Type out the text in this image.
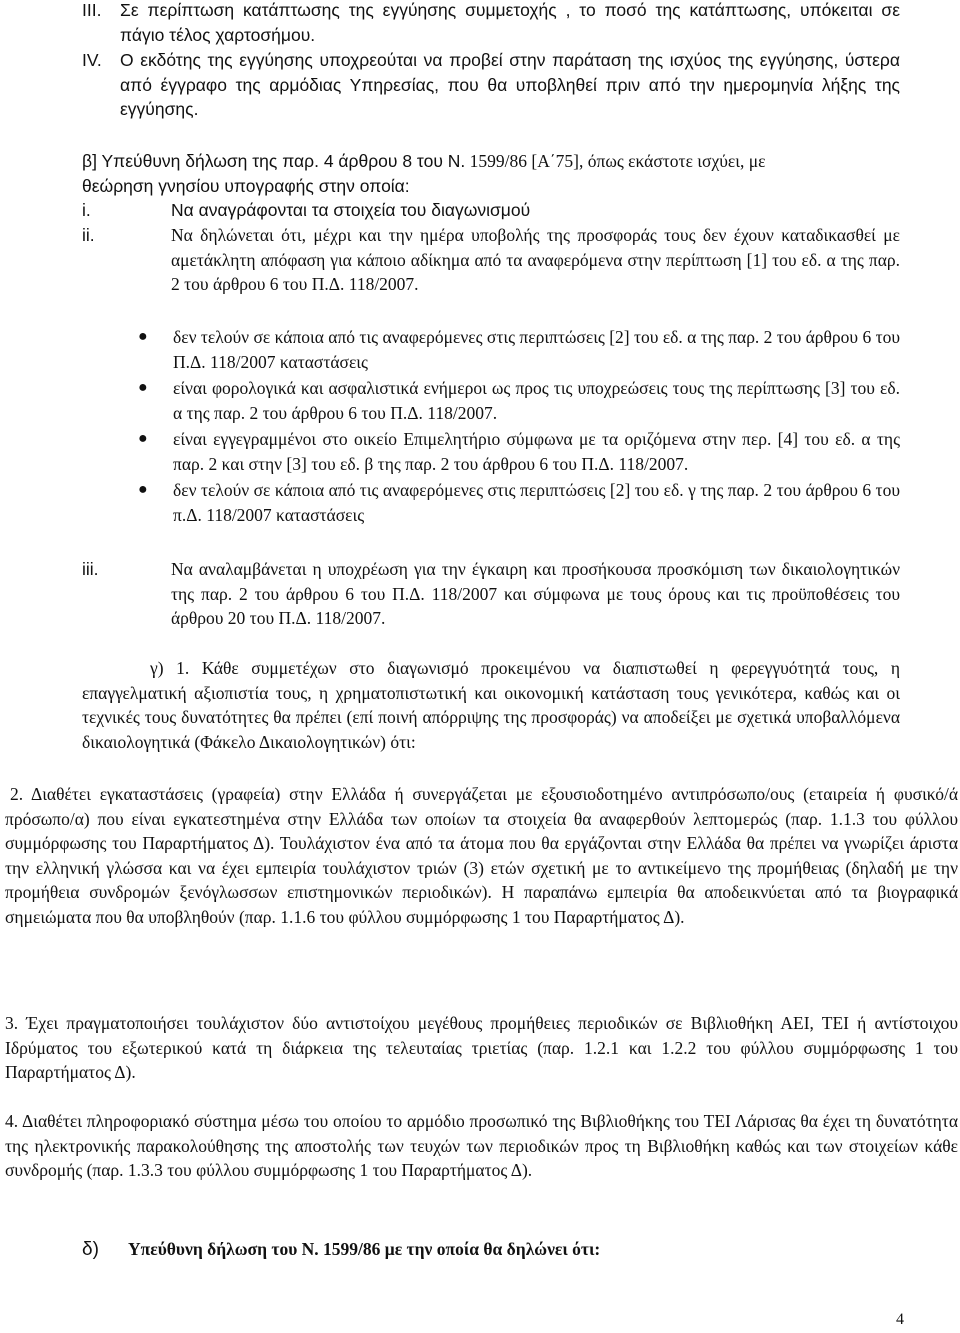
III. Σε περίπτωση κατάπτωσης της εγγύησης συμμετοχής , το ποσό της κατάπτωσης, υπόκειται σε πάγιο τέλος χαρτοσήμου.
IV. Ο εκδότης της εγγύησης υποχρεούται να προβεί στην παράταση της ισχύος της εγγύησης, ύστερα από έγγραφο της αρμόδιας Υπηρεσίας, που θα υποβληθεί πριν από την ημερομηνία λήξης της εγγύησης.
β] Υπεύθυνη δήλωση της παρ. 4 άρθρου 8 του Ν. 1599/86 [Α΄75], όπως εκάστοτε ισχύει, με
θεώρηση γνησίου υπογραφής στην οποία:
i.	Να αναγράφονται τα στοιχεία του διαγωνισμού
ii.	Να δηλώνεται ότι, μέχρι και την ημέρα υποβολής της προσφοράς τους δεν έχουν καταδικασθεί με αμετάκλητη απόφαση για κάποιο αδίκημα από τα αναφερόμενα στην περίπτωση [1] του εδ. α της παρ. 2 του άρθρου 6 του Π.Δ. 118/2007.
● δεν τελούν σε κάποια από τις αναφερόμενες στις περιπτώσεις [2] του εδ. α της παρ. 2 του άρθρου 6 του Π.Δ. 118/2007 καταστάσεις
● είναι φορολογικά και ασφαλιστικά ενήμεροι ως προς τις υποχρεώσεις τους της περίπτωσης [3] του εδ. α της παρ. 2 του άρθρου 6 του Π.Δ. 118/2007.
● είναι εγγεγραμμένοι στο οικείο Επιμελητήριο σύμφωνα με τα οριζόμενα στην περ. [4] του εδ. α της παρ. 2 και στην [3] του εδ. β της παρ. 2 του άρθρου 6 του Π.Δ. 118/2007.
● δεν τελούν σε κάποια από τις αναφερόμενες στις περιπτώσεις [2] του εδ. γ της παρ. 2 του άρθρου 6 του π.Δ. 118/2007 καταστάσεις
iii.	Να αναλαμβάνεται η υποχρέωση για την έγκαιρη και προσήκουσα προσκόμιση των δικαιολογητικών της παρ. 2 του άρθρου 6 του Π.Δ. 118/2007 και σύμφωνα με τους όρους και τις προϋποθέσεις του άρθρου 20 του Π.Δ. 118/2007.
γ) 1. Κάθε συμμετέχων στο διαγωνισμό προκειμένου να διαπιστωθεί η φερεγγυότητά τους, η επαγγελματική αξιοπιστία τους, η χρηματοπιστωτική και οικονομική κατάσταση τους γενικότερα, καθώς και οι τεχνικές τους δυνατότητες θα πρέπει (επί ποινή απόρριψης της προσφοράς) να αποδείξει με σχετικά υποβαλλόμενα δικαιολογητικά (Φάκελο Δικαιολογητικών) ότι:
2. Διαθέτει εγκαταστάσεις (γραφεία) στην Ελλάδα ή συνεργάζεται με εξουσιοδοτημένο αντιπρόσωπο/ους (εταιρεία ή φυσικό/ά πρόσωπο/α) που είναι εγκατεστημένα στην Ελλάδα των οποίων τα στοιχεία θα αναφερθούν λεπτομερώς (παρ. 1.1.3 του φύλλου συμμόρφωσης του Παραρτήματος Δ). Τουλάχιστον ένα από τα άτομα που θα εργάζονται στην Ελλάδα θα πρέπει να γνωρίζει άριστα την ελληνική γλώσσα και να έχει εμπειρία τουλάχιστον τριών (3) ετών σχετική με το αντικείμενο της προμήθειας (δηλαδή με την προμήθεια συνδρομών ξενόγλωσσων επιστημονικών περιοδικών). Η παραπάνω εμπειρία θα αποδεικνύεται από τα βιογραφικά σημειώματα που θα υποβληθούν (παρ. 1.1.6 του φύλλου συμμόρφωσης 1 του Παραρτήματος Δ).
3. Έχει πραγματοποιήσει τουλάχιστον δύο αντιστοίχου μεγέθους προμήθειες περιοδικών σε Βιβλιοθήκη ΑΕΙ, ΤΕΙ ή αντίστοιχου Ιδρύματος του εξωτερικού κατά τη διάρκεια της τελευταίας τριετίας (παρ. 1.2.1 και 1.2.2 του φύλλου συμμόρφωσης 1 του Παραρτήματος Δ).
4. Διαθέτει πληροφοριακό σύστημα μέσω του οποίου το αρμόδιο προσωπικό της Βιβλιοθήκης του ΤΕΙ Λάρισας θα έχει τη δυνατότητα της ηλεκτρονικής παρακολούθησης της αποστολής των τευχών των περιοδικών προς τη Βιβλιοθήκη καθώς και των στοιχείων κάθε συνδρομής (παρ. 1.3.3 του φύλλου συμμόρφωσης 1 του Παραρτήματος Δ).
δ) Υπεύθυνη δήλωση του Ν. 1599/86 με την οποία θα δηλώνει ότι:
4
